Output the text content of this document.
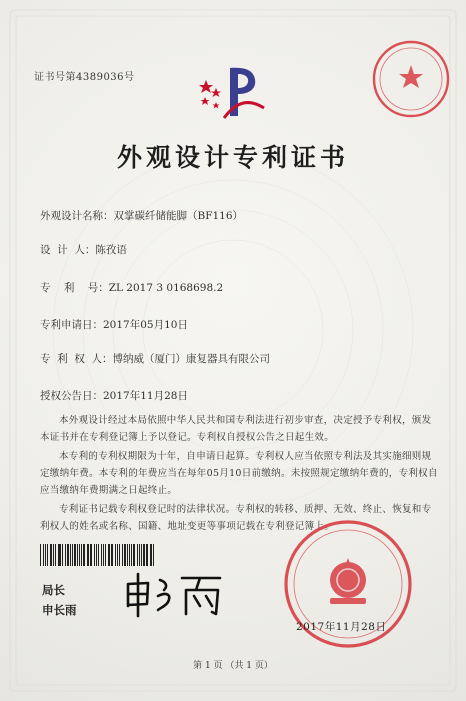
证书号第4389036号
外观设计专利证书
外观设计名称：双掌碳纤储能脚（BF116）
设  计  人：陈孜语
专    利    号：ZL 2017 3 0168698.2
专利申请日：2017年05月10日
专  利  权  人：博纳威（厦门）康复器具有限公司
授权公告日：2017年11月28日
本外观设计经过本局依照中华人民共和国专利法进行初步审查，决定授予专利权，颁发本证书并在专利登记簿上予以登记。专利权自授权公告之日起生效。
本专利的专利权期限为十年，自申请日起算。专利权人应当依照专利法及其实施细则规定缴纳年费。本专利的年费应当在每年05月10日前缴纳。未按照规定缴纳年费的，专利权自应当缴纳年费期满之日起终止。
专利证书记载专利权登记时的法律状况。专利权的转移、质押、无效、终止、恢复和专利权人的姓名或名称、国籍、地址变更等事项记载在专利登记簿上。
局长
申长雨
2017年11月28日
第 1 页 （共 1 页）
